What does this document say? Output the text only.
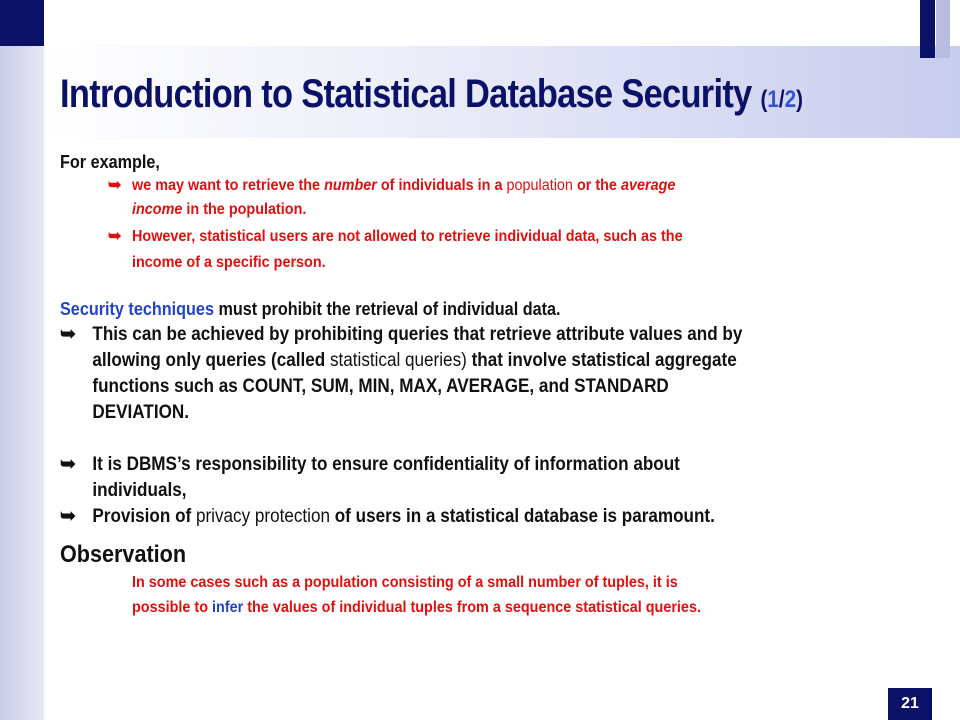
Introduction to Statistical Database Security (1/2)
For example,
➥ we may want to retrieve the number of individuals in a population or the average
income in the population.
➥ However, statistical users are not allowed to retrieve individual data, such as the
income of a specific person.
Security techniques must prohibit the retrieval of individual data.
➥ This can be achieved by prohibiting queries that retrieve attribute values and by
allowing only queries (called statistical queries) that involve statistical aggregate
functions such as COUNT, SUM, MIN, MAX, AVERAGE, and STANDARD
DEVIATION.
➥ It is DBMS’s responsibility to ensure confidentiality of information about
individuals,
➥ Provision of privacy protection of users in a statistical database is paramount.
Observation
In some cases such as a population consisting of a small number of tuples, it is
possible to infer the values of individual tuples from a sequence statistical queries.
21
